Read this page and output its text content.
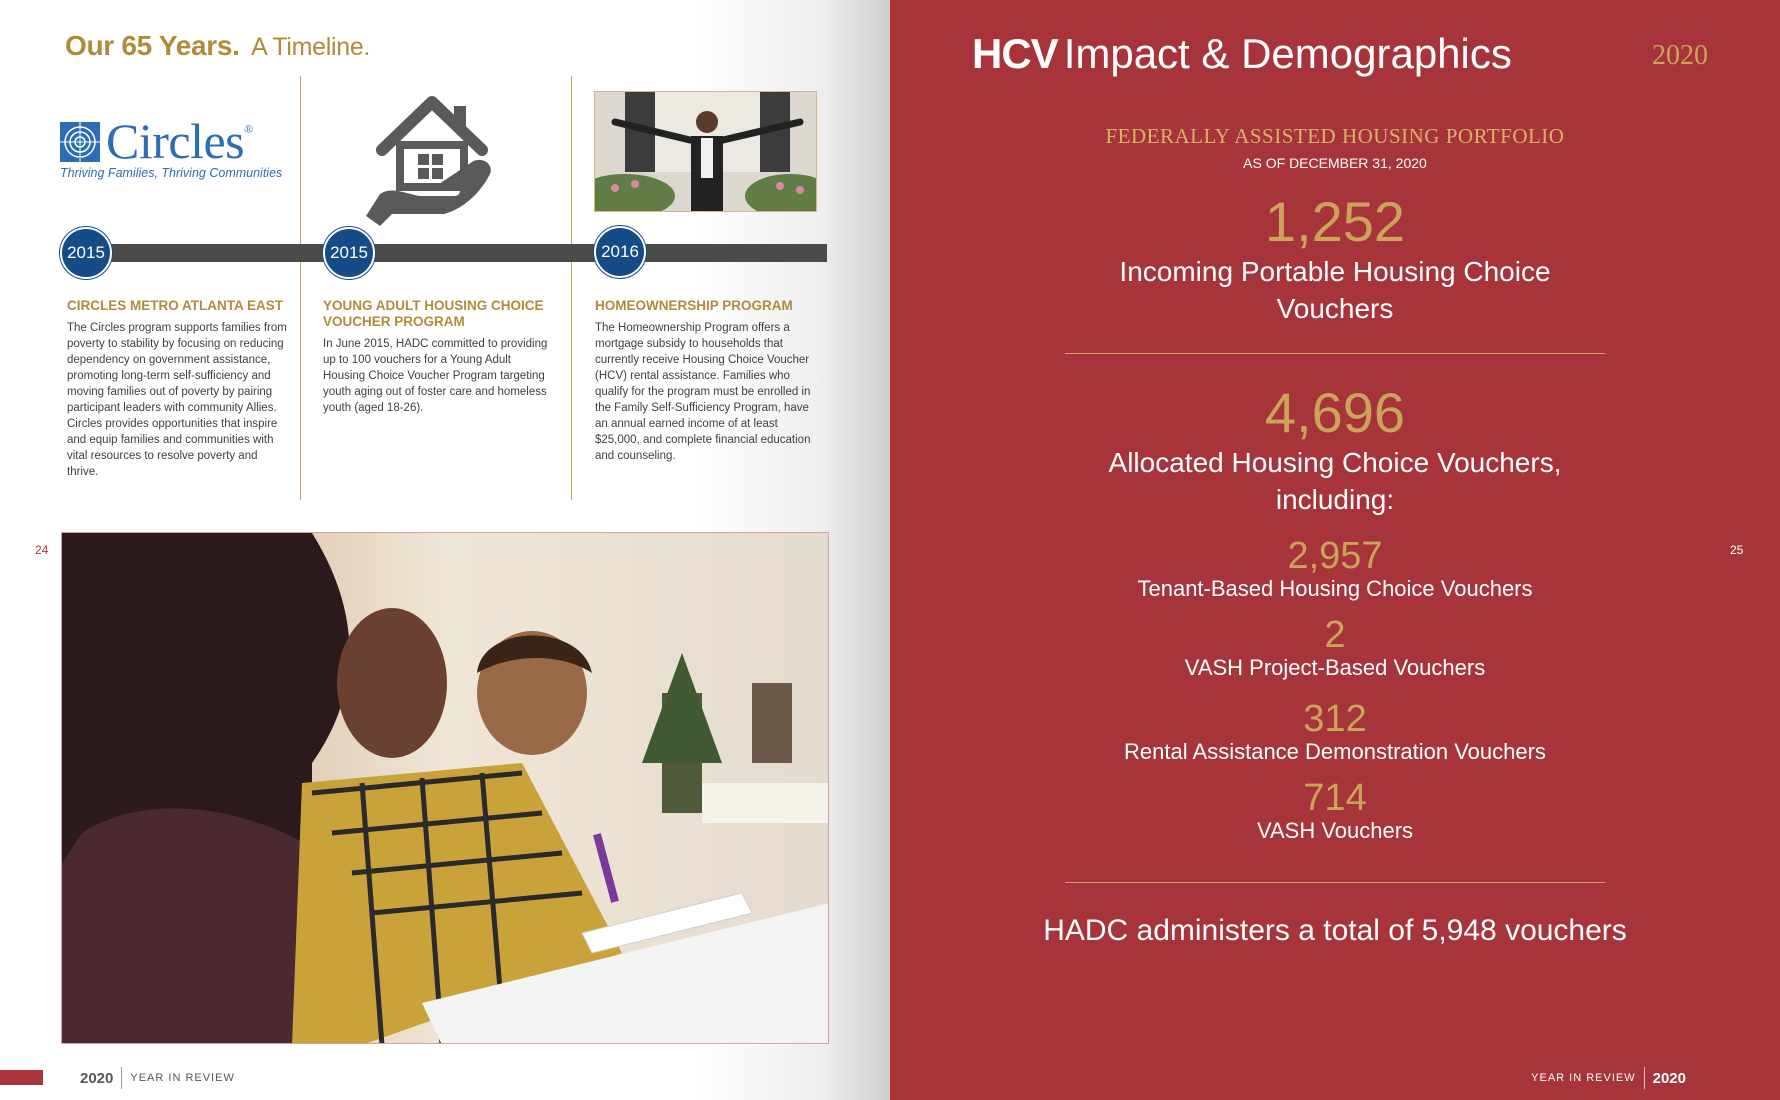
Our 65 Years. A Timeline.
Circles®
Thriving Families, Thriving Communities
2015	2015	2016
CIRCLES METRO ATLANTA EAST
The Circles program supports families from poverty to stability by focusing on reducing dependency on government assistance, promoting long-term self-sufficiency and moving families out of poverty by pairing participant leaders with community Allies. Circles provides opportunities that inspire and equip families and communities with vital resources to resolve poverty and thrive.
YOUNG ADULT HOUSING CHOICE VOUCHER PROGRAM
In June 2015, HADC committed to providing up to 100 vouchers for a Young Adult Housing Choice Voucher Program targeting youth aging out of foster care and homeless youth (aged 18-26).
HOMEOWNERSHIP PROGRAM
The Homeownership Program offers a mortgage subsidy to households that currently receive Housing Choice Voucher (HCV) rental assistance. Families who qualify for the program must be enrolled in the Family Self-Sufficiency Program, have an annual earned income of at least $25,000, and complete financial education and counseling.
24
2020 YEAR IN REVIEW
HCV Impact & Demographics	2020
FEDERALLY ASSISTED HOUSING PORTFOLIO
AS OF DECEMBER 31, 2020
1,252
Incoming Portable Housing Choice
Vouchers
4,696
Allocated Housing Choice Vouchers,
including:
2,957
Tenant-Based Housing Choice Vouchers
2
VASH Project-Based Vouchers
312
Rental Assistance Demonstration Vouchers
714
VASH Vouchers
HADC administers a total of 5,948 vouchers
25
YEAR IN REVIEW 2020
